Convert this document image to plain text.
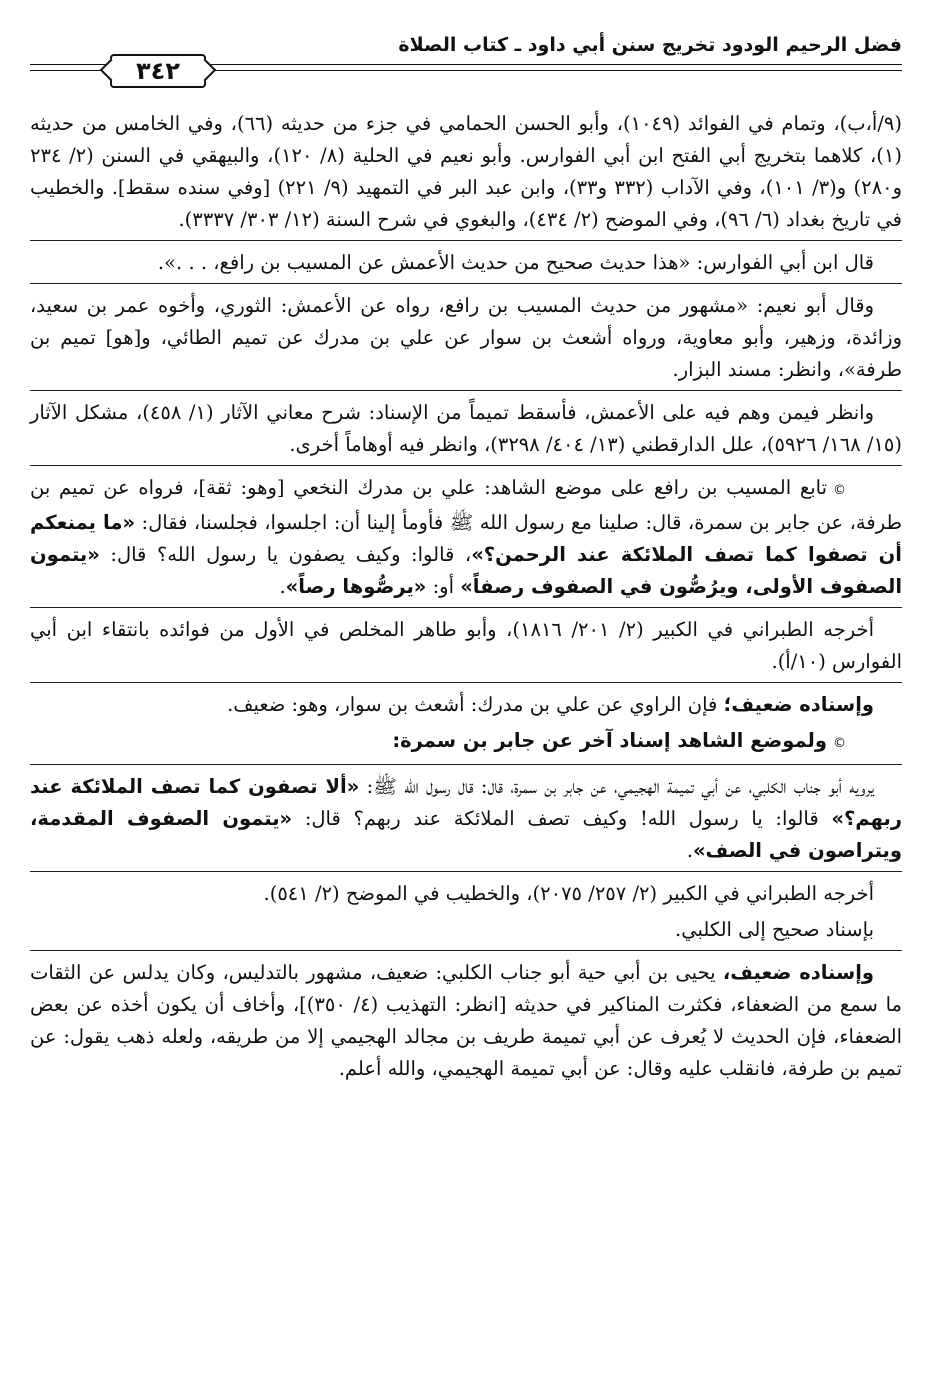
فضل الرحيم الودود تخريج سنن أبي داود ـ كتاب الصلاة
٣٤٢

(٩/أ،ب)، وتمام في الفوائد (١٠٤٩)، وأبو الحسن الحمامي في جزء من حديثه (٦٦)، وفي الخامس من حديثه (١)، كلاهما بتخريج أبي الفتح ابن أبي الفوارس. وأبو نعيم في الحلية (٨/ ١٢٠)، والبيهقي في السنن (٢/ ٢٣٤ و٢٨٠) و(٣/ ١٠١)، وفي الآداب (٣٣٢ و٣٣)، وابن عبد البر في التمهيد (٩/ ٢٢١) [وفي سنده سقط]. والخطيب في تاريخ بغداد (٦/ ٩٦)، وفي الموضح (٢/ ٤٣٤)، والبغوي في شرح السنة (١٢/ ٣٠٣/ ٣٣٣٧).

قال ابن أبي الفوارس: «هذا حديث صحيح من حديث الأعمش عن المسيب بن رافع، . . .».

وقال أبو نعيم: «مشهور من حديث المسيب بن رافع، رواه عن الأعمش: الثوري، وأخوه عمر بن سعيد، وزائدة، وزهير، وأبو معاوية، ورواه أشعث بن سوار عن علي بن مدرك عن تميم الطائي، و[هو] تميم بن طرفة»، وانظر: مسند البزار.

وانظر فيمن وهم فيه على الأعمش، فأسقط تميماً من الإسناد: شرح معاني الآثار (١/ ٤٥٨)، مشكل الآثار (١٥/ ١٦٨/ ٥٩٢٦)، علل الدارقطني (١٣/ ٤٠٤/ ٣٢٩٨)، وانظر فيه أوهاماً أخرى.

©تابع المسيب بن رافع على موضع الشاهد: علي بن مدرك النخعي [وهو: ثقة]، فرواه عن تميم بن طرفة، عن جابر بن سمرة، قال: صلينا مع رسول الله ﷺ فأومأ إلينا أن: اجلسوا، فجلسنا، فقال: «ما يمنعكم أن تصفوا كما تصف الملائكة عند الرحمن؟»، قالوا: وكيف يصفون يا رسول الله؟ قال: «يتمون الصفوف الأولى، ويرُصُّون في الصفوف رصفاً» أو: «يرصُّوها رصاً».

أخرجه الطبراني في الكبير (٢/ ٢٠١/ ١٨١٦)، وأبو طاهر المخلص في الأول من فوائده بانتقاء ابن أبي الفوارس (١٠/أ).

وإسناده ضعيف؛ فإن الراوي عن علي بن مدرك: أشعث بن سوار، وهو: ضعيف.

©ولموضع الشاهد إسناد آخر عن جابر بن سمرة:

يرويه أبو جناب الكلبي، عن أبي تميمة الهجيمي، عن جابر بن سمرة، قال: قال رسول الله ﷺ: «ألا تصفون كما تصف الملائكة عند ربهم؟» قالوا: يا رسول الله! وكيف تصف الملائكة عند ربهم؟ قال: «يتمون الصفوف المقدمة، ويتراصون في الصف».

أخرجه الطبراني في الكبير (٢/ ٢٥٧/ ٢٠٧٥)، والخطيب في الموضح (٢/ ٥٤١).

بإسناد صحيح إلى الكلبي.

وإسناده ضعيف، يحيى بن أبي حية أبو جناب الكلبي: ضعيف، مشهور بالتدليس، وكان يدلس عن الثقات ما سمع من الضعفاء، فكثرت المناكير في حديثه [انظر: التهذيب (٤/ ٣٥٠)]، وأخاف أن يكون أخذه عن بعض الضعفاء، فإن الحديث لا يُعرف عن أبي تميمة طريف بن مجالد الهجيمي إلا من طريقه، ولعله ذهب يقول: عن تميم بن طرفة، فانقلب عليه وقال: عن أبي تميمة الهجيمي، والله أعلم.
